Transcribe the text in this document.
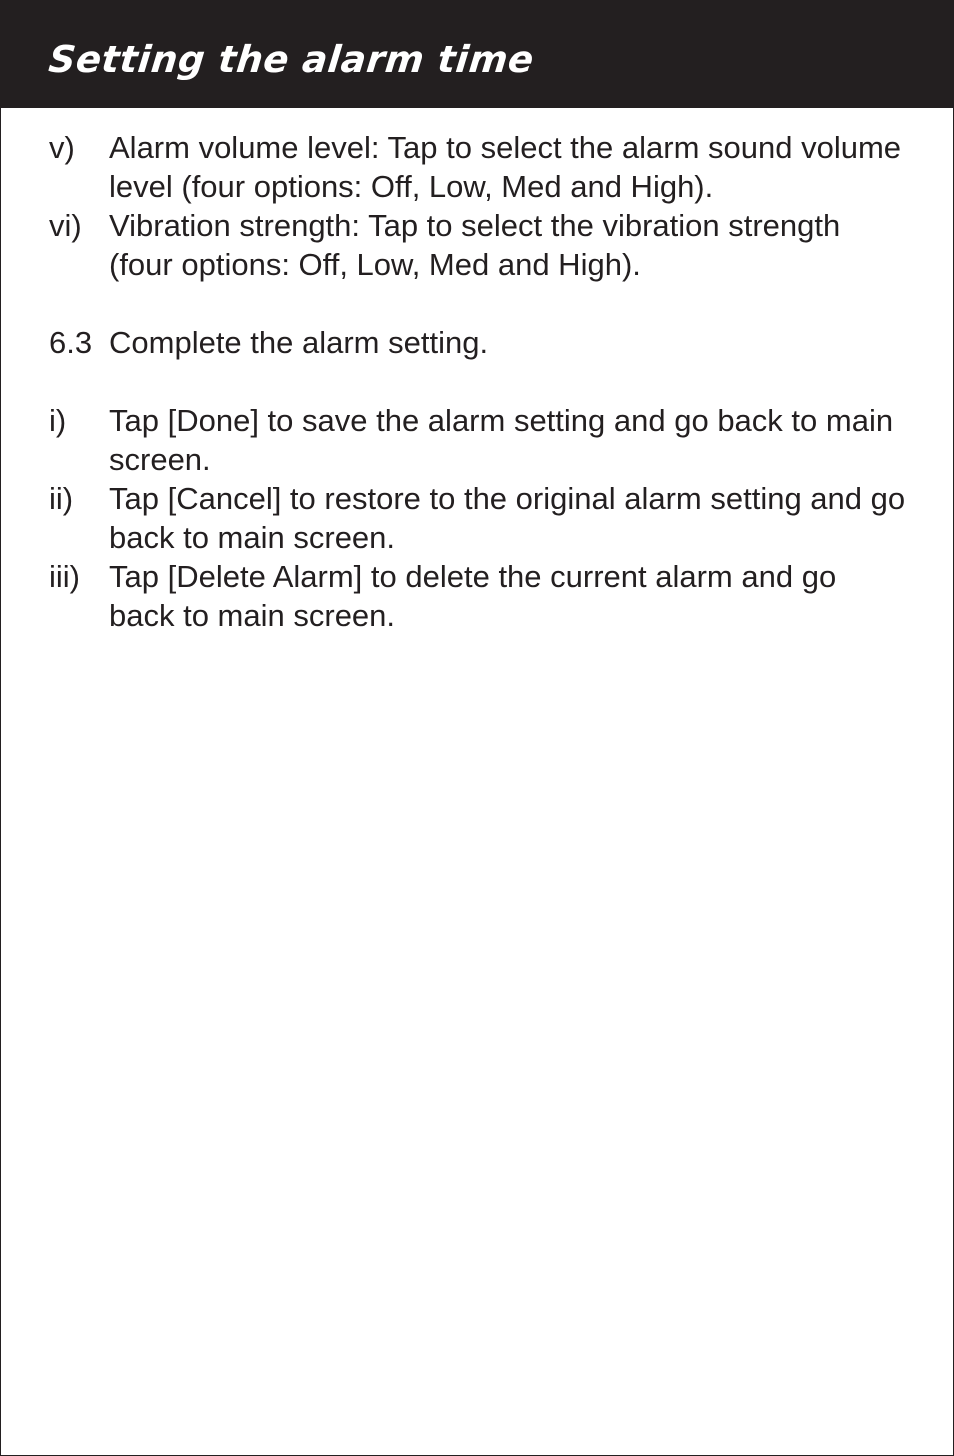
Setting the alarm time
v)	Alarm volume level: Tap to select the alarm sound volume level (four options: Off, Low, Med and High).
vi) Vibration strength: Tap to select the vibration strength (four options: Off, Low, Med and High).
6.3 Complete the alarm setting.
i)	Tap [Done] to save the alarm setting and go back to main screen.
ii)	Tap [Cancel] to restore to the original alarm setting and go back to main screen.
iii) Tap [Delete Alarm] to delete the current alarm and go back to main screen.
